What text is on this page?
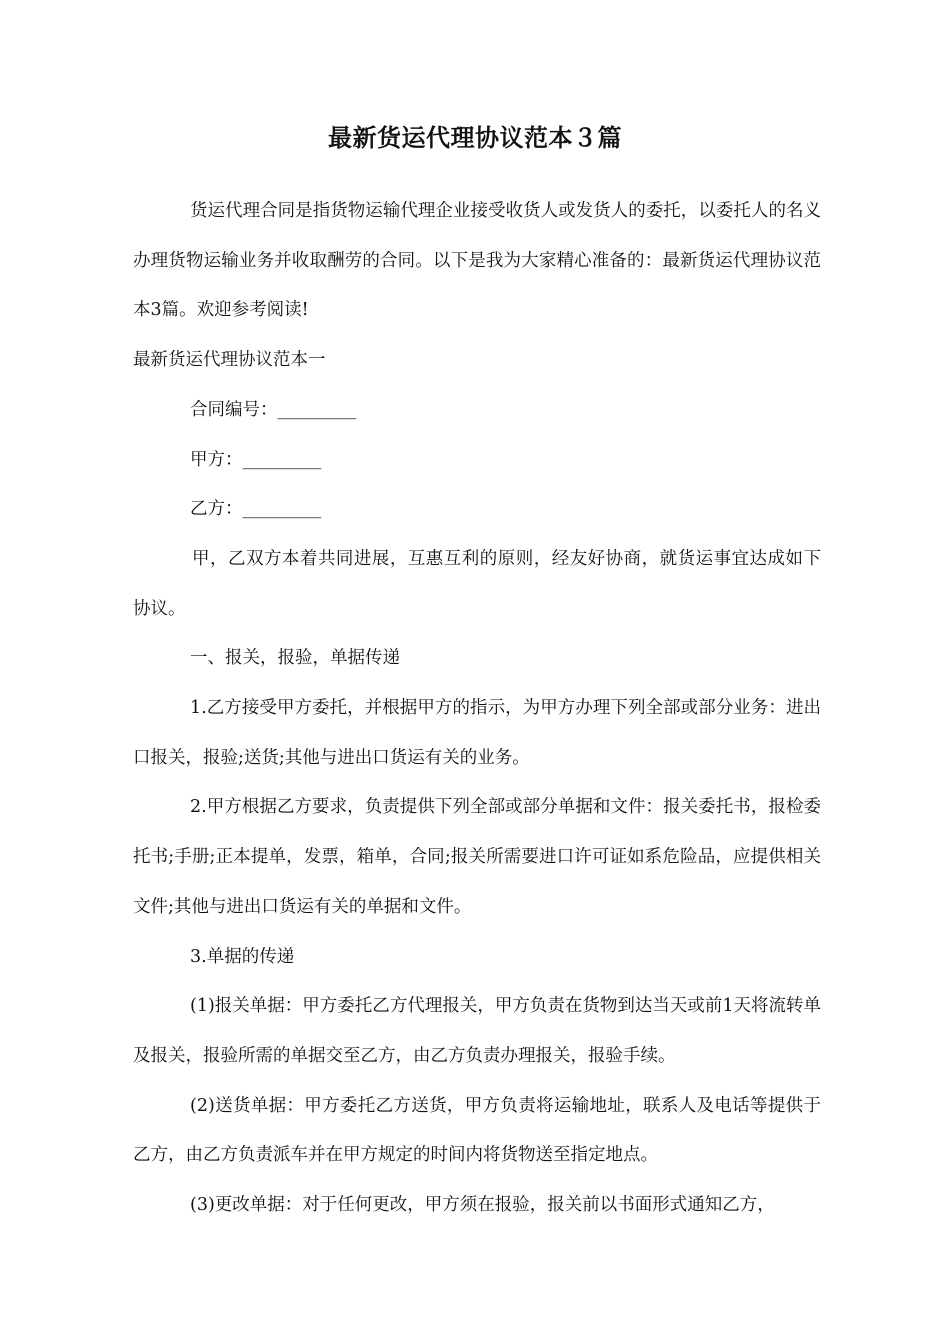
最新货运代理协议范本３篇

货运代理合同是指货物运输代理企业接受收货人或发货人的委托，以委托人的名义办理货物运输业务并收取酬劳的合同。以下是我为大家精心准备的：最新货运代理协议范本3篇。欢迎参考阅读!

最新货运代理协议范本一

合同编号：_________

甲方：_________

乙方：_________

甲，乙双方本着共同进展，互惠互利的原则，经友好协商，就货运事宜达成如下协议。

一、报关，报验，单据传递

1.乙方接受甲方委托，并根据甲方的指示，为甲方办理下列全部或部分业务：进出口报关，报验;送货;其他与进出口货运有关的业务。

2.甲方根据乙方要求，负责提供下列全部或部分单据和文件：报关委托书，报检委托书;手册;正本提单，发票，箱单，合同;报关所需要进口许可证如系危险品，应提供相关文件;其他与进出口货运有关的单据和文件。

3.单据的传递

(1)报关单据：甲方委托乙方代理报关，甲方负责在货物到达当天或前1天将流转单及报关，报验所需的单据交至乙方，由乙方负责办理报关，报验手续。

(2)送货单据：甲方委托乙方送货，甲方负责将运输地址，联系人及电话等提供于乙方，由乙方负责派车并在甲方规定的时间内将货物送至指定地点。

(3)更改单据：对于任何更改，甲方须在报验，报关前以书面形式通知乙方，
